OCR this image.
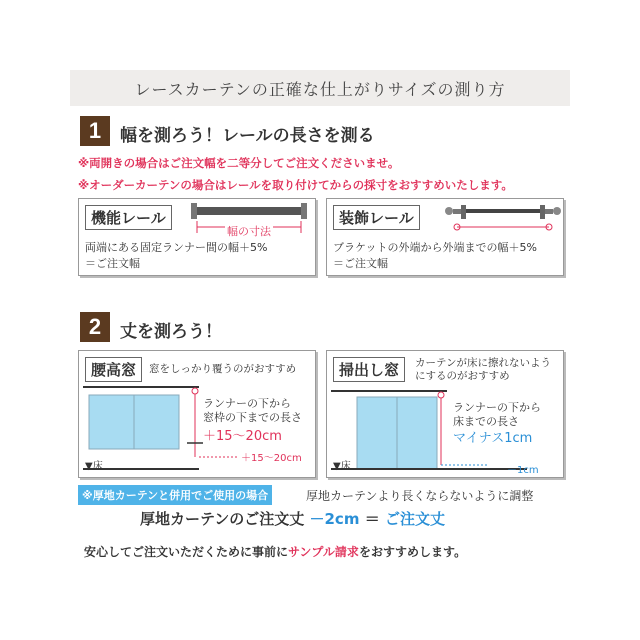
レースカーテンの正確な仕上がりサイズの測り方
1	幅を測ろう！レールの長さを測る
※両開きの場合はご注文幅を二等分してご注文くださいませ。
※オーダーカーテンの場合はレールを取り付けてからの採寸をおすすめいたします。
機能レール
幅の寸法
両端にある固定ランナー間の幅＋5%
＝ご注文幅
装飾レール
ブラケットの外端から外端までの幅＋5%
＝ご注文幅
2	丈を測ろう！
腰高窓	窓をしっかり覆うのがおすすめ
ランナーの下から
窓枠の下までの長さ
＋15～20cm
＋15～20cm
▼床
掃出し窓	カーテンが床に擦れないよう
にするのがおすすめ
ランナーの下から
床までの長さ
マイナス1cm
－1cm
▼床
※厚地カーテンと併用でご使用の場合	厚地カーテンより長くならないように調整
厚地カーテンのご注文丈 －2cm ＝ ご注文丈
安心してご注文いただくために事前にサンプル請求をおすすめします。
